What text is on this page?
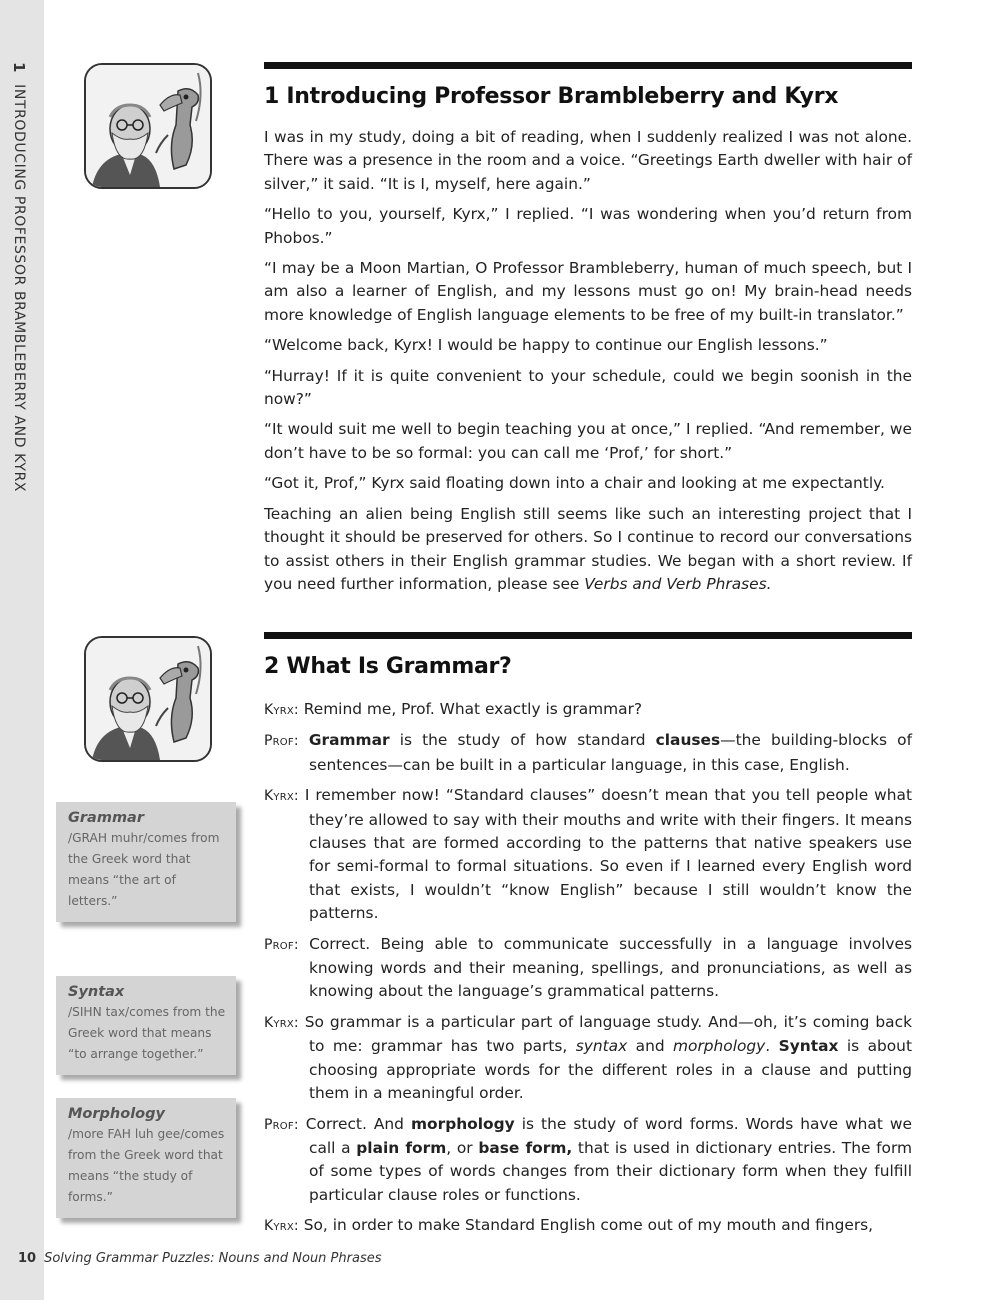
1 INTRODUCING PROFESSOR BRAMBLEBERRY AND KYRX	1 Introducing Professor Brambleberry and Kyrx

I was in my study, doing a bit of reading, when I suddenly realized I was not alone. There was a presence in the room and a voice. “Greetings Earth dweller with hair of silver,” it said. “It is I, myself, here again.”

“Hello to you, yourself, Kyrx,” I replied. “I was wondering when you’d return from Phobos.”

“I may be a Moon Martian, O Professor Brambleberry, human of much speech, but I am also a learner of English, and my lessons must go on! My brain-head needs more knowledge of English language elements to be free of my built-in translator.”

“Welcome back, Kyrx! I would be happy to continue our English lessons.”

“Hurray! If it is quite convenient to your schedule, could we begin soonish in the now?”

“It would suit me well to begin teaching you at once,” I replied. “And remember, we don’t have to be so formal: you can call me ‘Prof,’ for short.”

“Got it, Prof,” Kyrx said floating down into a chair and looking at me expectantly.

Teaching an alien being English still seems like such an interesting project that I thought it should be preserved for others. So I continue to record our conversations to assist others in their English grammar studies. We began with a short review. If you need further information, please see Verbs and Verb Phrases.

2 What Is Grammar?

Kyrx: Remind me, Prof. What exactly is grammar?

Prof: Grammar is the study of how standard clauses—the building-blocks of sentences—can be built in a particular language, in this case, English.

Kyrx: I remember now! “Standard clauses” doesn’t mean that you tell people what they’re allowed to say with their mouths and write with their fingers. It means clauses that are formed according to the patterns that native speakers use for semi-formal to formal situations. So even if I learned every English word that exists, I wouldn’t “know English” because I still wouldn’t know the patterns.

Prof: Correct. Being able to communicate successfully in a language involves knowing words and their meaning, spellings, and pronunciations, as well as knowing about the language’s grammatical patterns.

Kyrx: So grammar is a particular part of language study. And—oh, it’s coming back to me: grammar has two parts, syntax and morphology. Syntax is about choosing appropriate words for the different roles in a clause and putting them in a meaningful order.

Prof: Correct. And morphology is the study of word forms. Words have what we call a plain form, or base form, that is used in dictionary entries. The form of some types of words changes from their dictionary form when they fulfill particular clause roles or functions.

Kyrx: So, in order to make Standard English come out of my mouth and fingers,

Grammar
/GRAH muhr/comes from the Greek word that means “the art of letters.”
Syntax
/SIHN tax/comes from the Greek word that means “to arrange together.”
Morphology
/more FAH luh gee/comes from the Greek word that means “the study of forms.”
10 Solving Grammar Puzzles: Nouns and Noun Phrases
